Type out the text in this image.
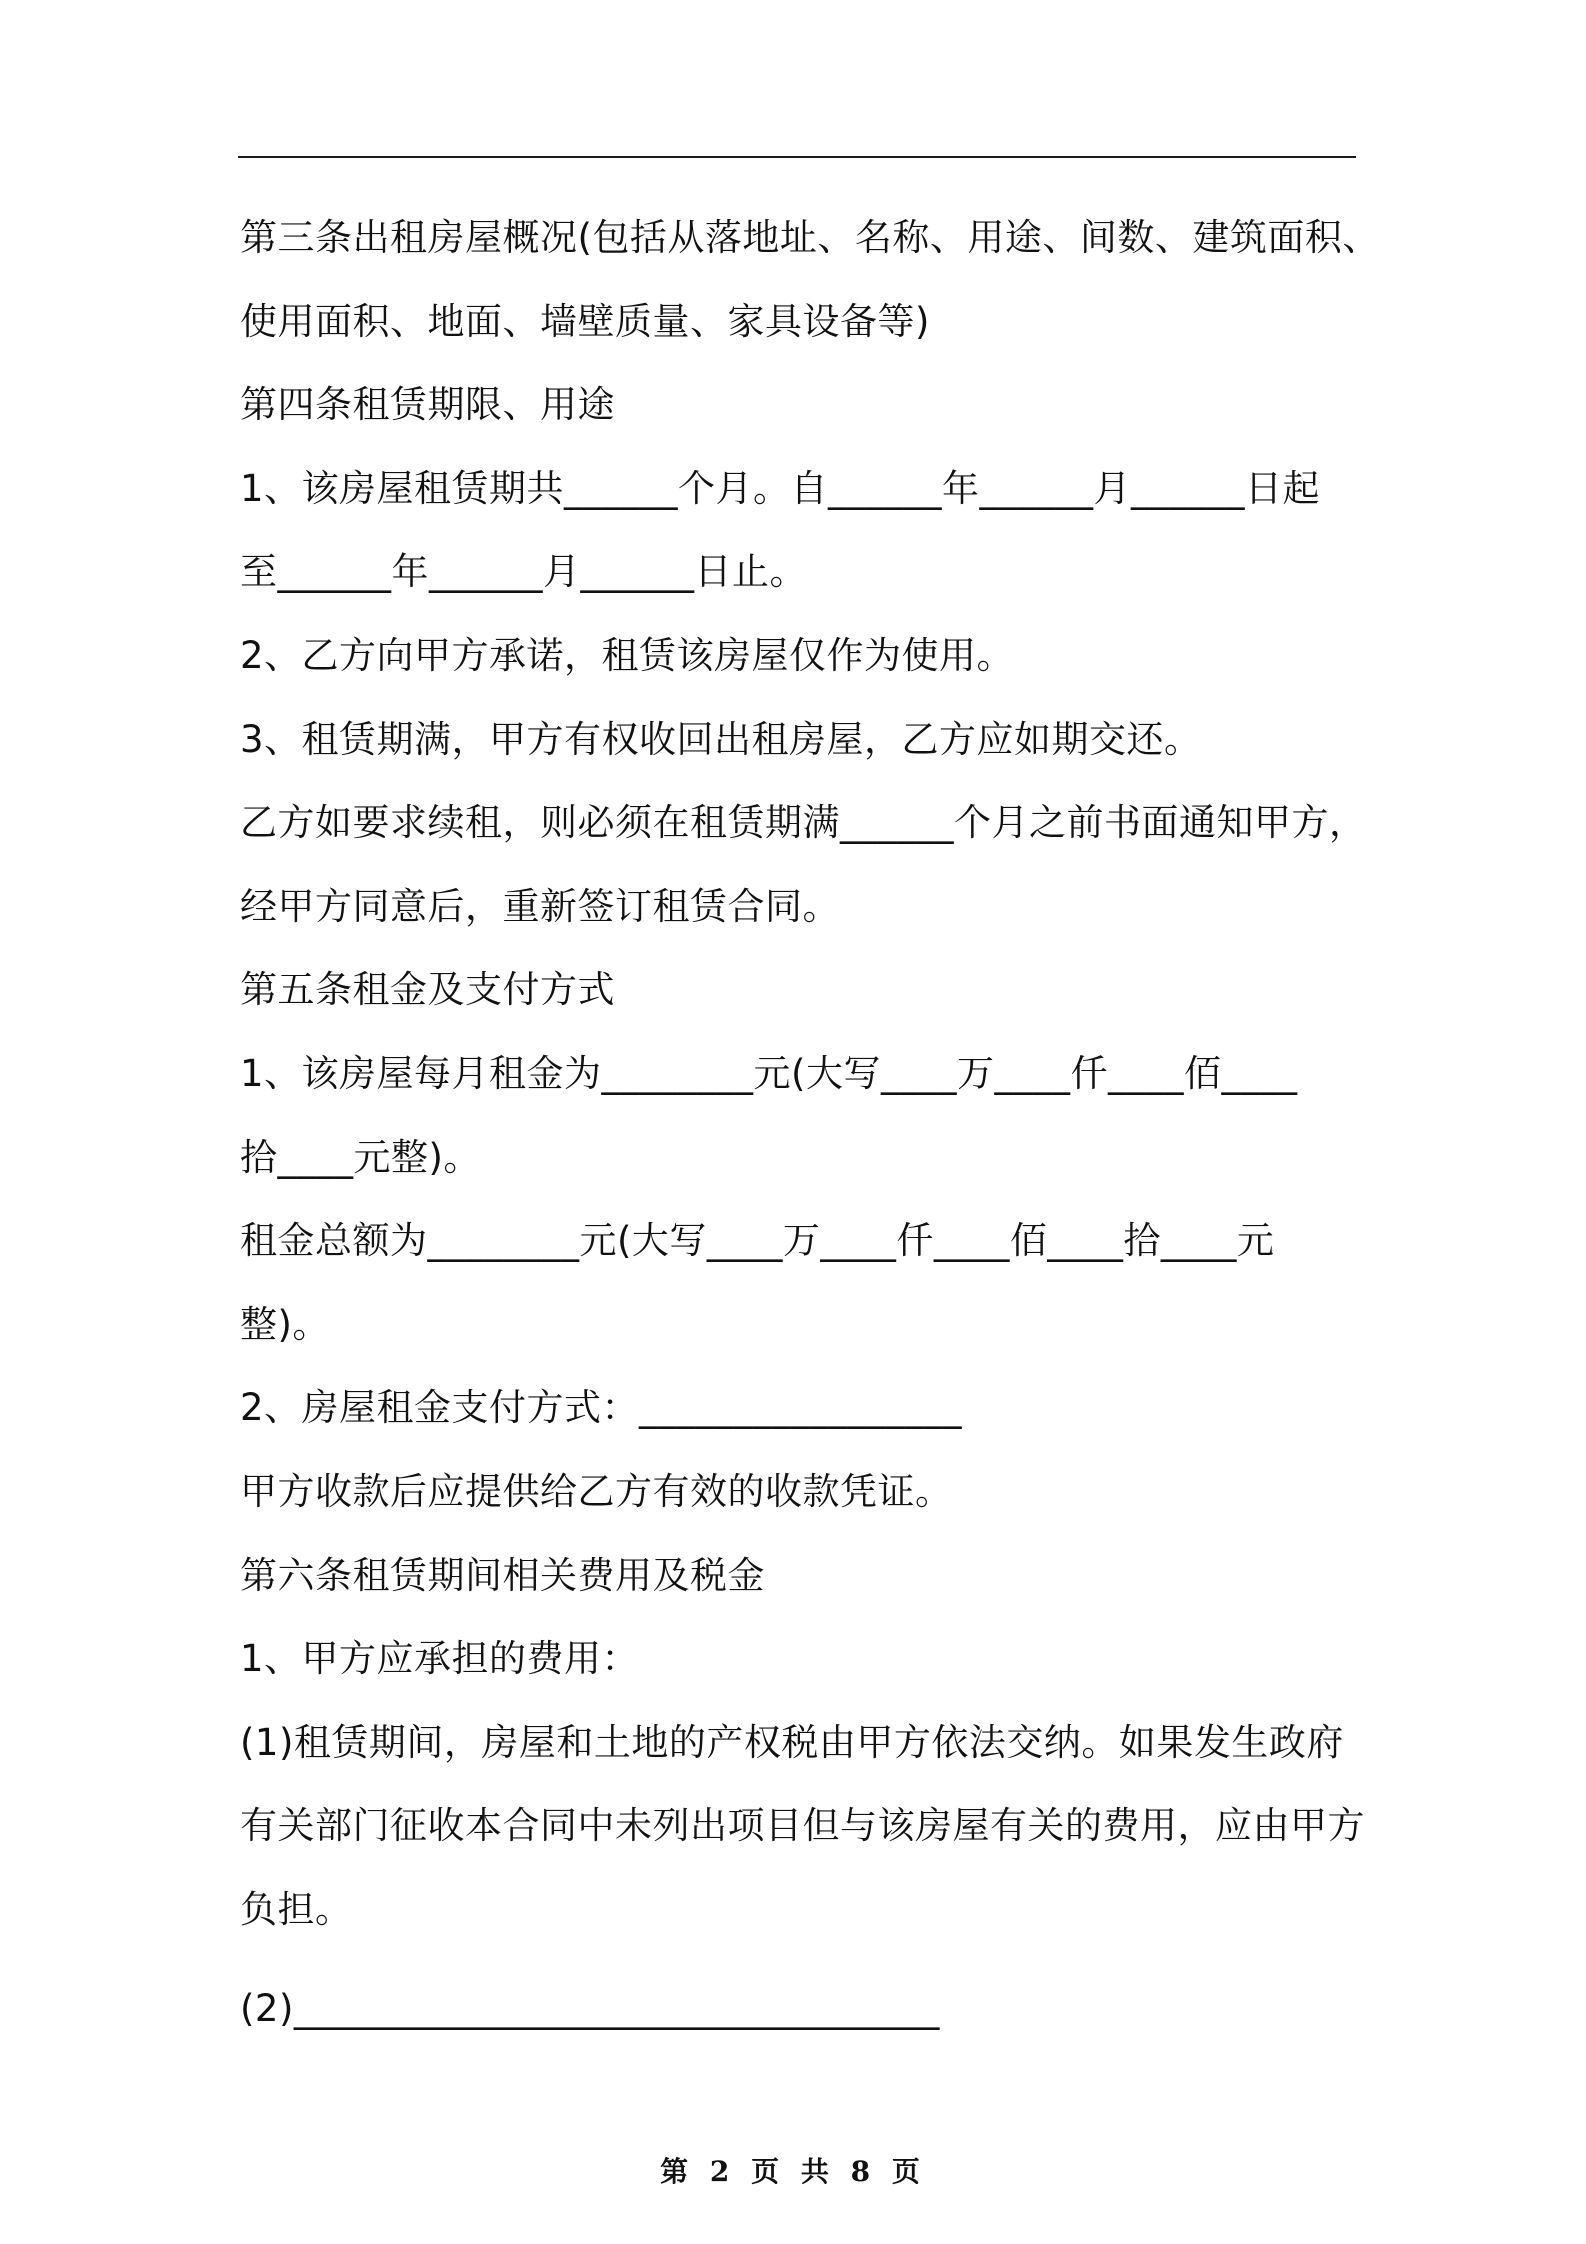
第三条出租房屋概况(包括从落地址、名称、用途、间数、建筑面积、
使用面积、地面、墙壁质量、家具设备等)
第四条租赁期限、用途
1、该房屋租赁期共______个月。自______年______月______日起
至______年______月______日止。
2、乙方向甲方承诺，租赁该房屋仅作为使用。
3、租赁期满，甲方有权收回出租房屋，乙方应如期交还。
乙方如要求续租，则必须在租赁期满______个月之前书面通知甲方，
经甲方同意后，重新签订租赁合同。
第五条租金及支付方式
1、该房屋每月租金为________元(大写____万____仟____佰____
拾____元整)。
租金总额为________元(大写____万____仟____佰____拾____元
整)。
2、房屋租金支付方式：_________________
甲方收款后应提供给乙方有效的收款凭证。
第六条租赁期间相关费用及税金
1、甲方应承担的费用：
(1)租赁期间，房屋和土地的产权税由甲方依法交纳。如果发生政府
有关部门征收本合同中未列出项目但与该房屋有关的费用，应由甲方
负担。
(2)__________________________________
第 2 页 共 8 页
